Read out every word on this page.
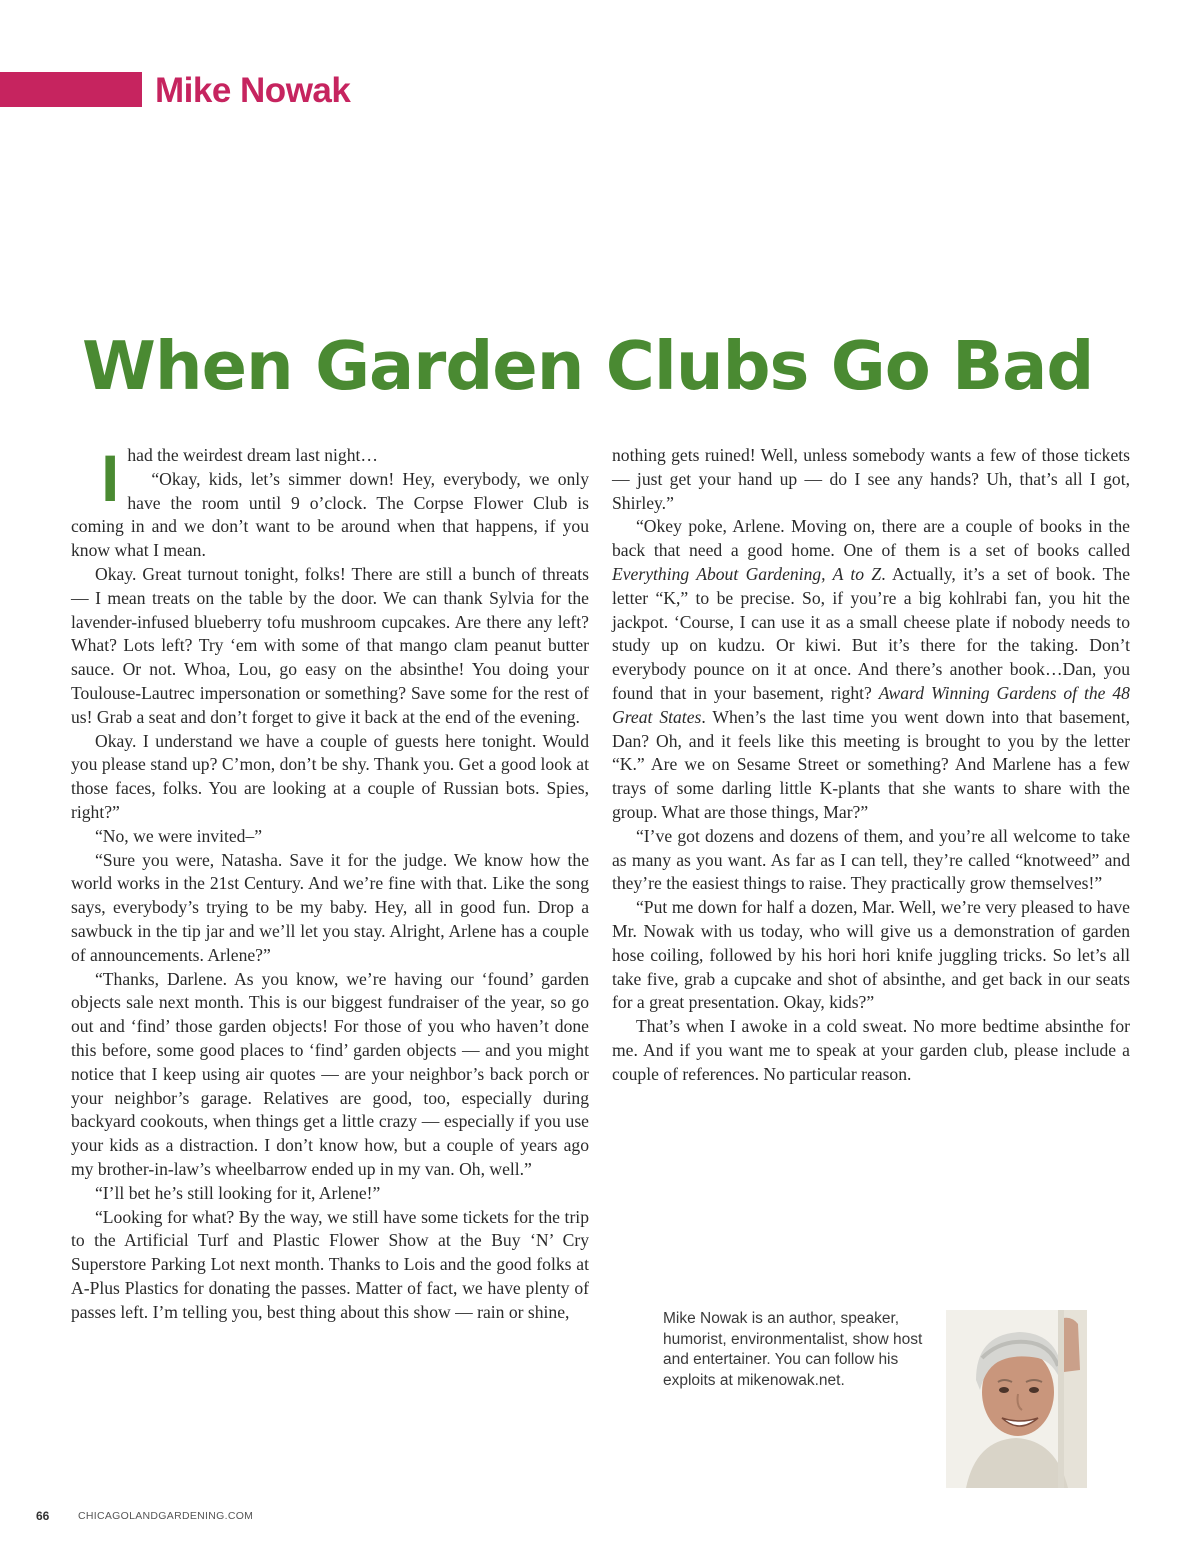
Mike Nowak
When Garden Clubs Go Bad

Ihad the weirdest dream last night…

“Okay, kids, let’s simmer down! Hey, everybody, we only have the room until 9 o’clock. The Corpse Flower Club is coming in and we don’t want to be around when that happens, if you know what I mean.

Okay. Great turnout tonight, folks! There are still a bunch of threats — I mean treats on the table by the door. We can thank Sylvia for the lavender-infused blueberry tofu mushroom cupcakes. Are there any left? What? Lots left? Try ‘em with some of that mango clam peanut butter sauce. Or not. Whoa, Lou, go easy on the absinthe! You doing your Toulouse-Lautrec impersonation or something? Save some for the rest of us! Grab a seat and don’t forget to give it back at the end of the evening.

Okay. I understand we have a couple of guests here tonight. Would you please stand up? C’mon, don’t be shy. Thank you. Get a good look at those faces, folks. You are looking at a couple of Russian bots. Spies, right?”

“No, we were invited–”

“Sure you were, Natasha. Save it for the judge. We know how the world works in the 21st Century. And we’re fine with that. Like the song says, everybody’s trying to be my baby. Hey, all in good fun. Drop a sawbuck in the tip jar and we’ll let you stay. Alright, Arlene has a couple of announcements. Arlene?”

“Thanks, Darlene. As you know, we’re having our ‘found’ garden objects sale next month. This is our biggest fundraiser of the year, so go out and ‘find’ those garden objects! For those of you who haven’t done this before, some good places to ‘find’ garden objects — and you might notice that I keep using air quotes — are your neighbor’s back porch or your neighbor’s garage. Relatives are good, too, especially during backyard cookouts, when things get a little crazy — especially if you use your kids as a distraction. I don’t know how, but a couple of years ago my brother-in-law’s wheelbarrow ended up in my van. Oh, well.”

“I’ll bet he’s still looking for it, Arlene!”

“Looking for what? By the way, we still have some tickets for the trip to the Artificial Turf and Plastic Flower Show at the Buy ‘N’ Cry Superstore Parking Lot next month. Thanks to Lois and the good folks at A-Plus Plastics for donating the passes. Matter of fact, we have plenty of passes left. I’m telling you, best thing about this show — rain or shine,

nothing gets ruined! Well, unless somebody wants a few of those tickets — just get your hand up — do I see any hands? Uh, that’s all I got, Shirley.”

“Okey poke, Arlene. Moving on, there are a couple of books in the back that need a good home. One of them is a set of books called Everything About Gardening, A to Z. Actually, it’s a set of book. The letter “K,” to be precise. So, if you’re a big kohlrabi fan, you hit the jackpot. ‘Course, I can use it as a small cheese plate if nobody needs to study up on kudzu. Or kiwi. But it’s there for the taking. Don’t everybody pounce on it at once. And there’s another book…Dan, you found that in your basement, right? Award Winning Gardens of the 48 Great States. When’s the last time you went down into that basement, Dan? Oh, and it feels like this meeting is brought to you by the letter “K.” Are we on Sesame Street or something? And Marlene has a few trays of some darling little K-plants that she wants to share with the group. What are those things, Mar?”

“I’ve got dozens and dozens of them, and you’re all welcome to take as many as you want. As far as I can tell, they’re called “knotweed” and they’re the easiest things to raise. They practically grow themselves!”

“Put me down for half a dozen, Mar. Well, we’re very pleased to have Mr. Nowak with us today, who will give us a demonstration of garden hose coiling, followed by his hori hori knife juggling tricks. So let’s all take five, grab a cupcake and shot of absinthe, and get back in our seats for a great presentation. Okay, kids?”

That’s when I awoke in a cold sweat. No more bedtime absinthe for me. And if you want me to speak at your garden club, please include a couple of references. No particular reason.

Mike Nowak is an author, speaker, humorist, environmentalist, show host and entertainer. You can follow his exploits at mikenowak.net.
66	CHICAGOLANDGARDENING.COM
